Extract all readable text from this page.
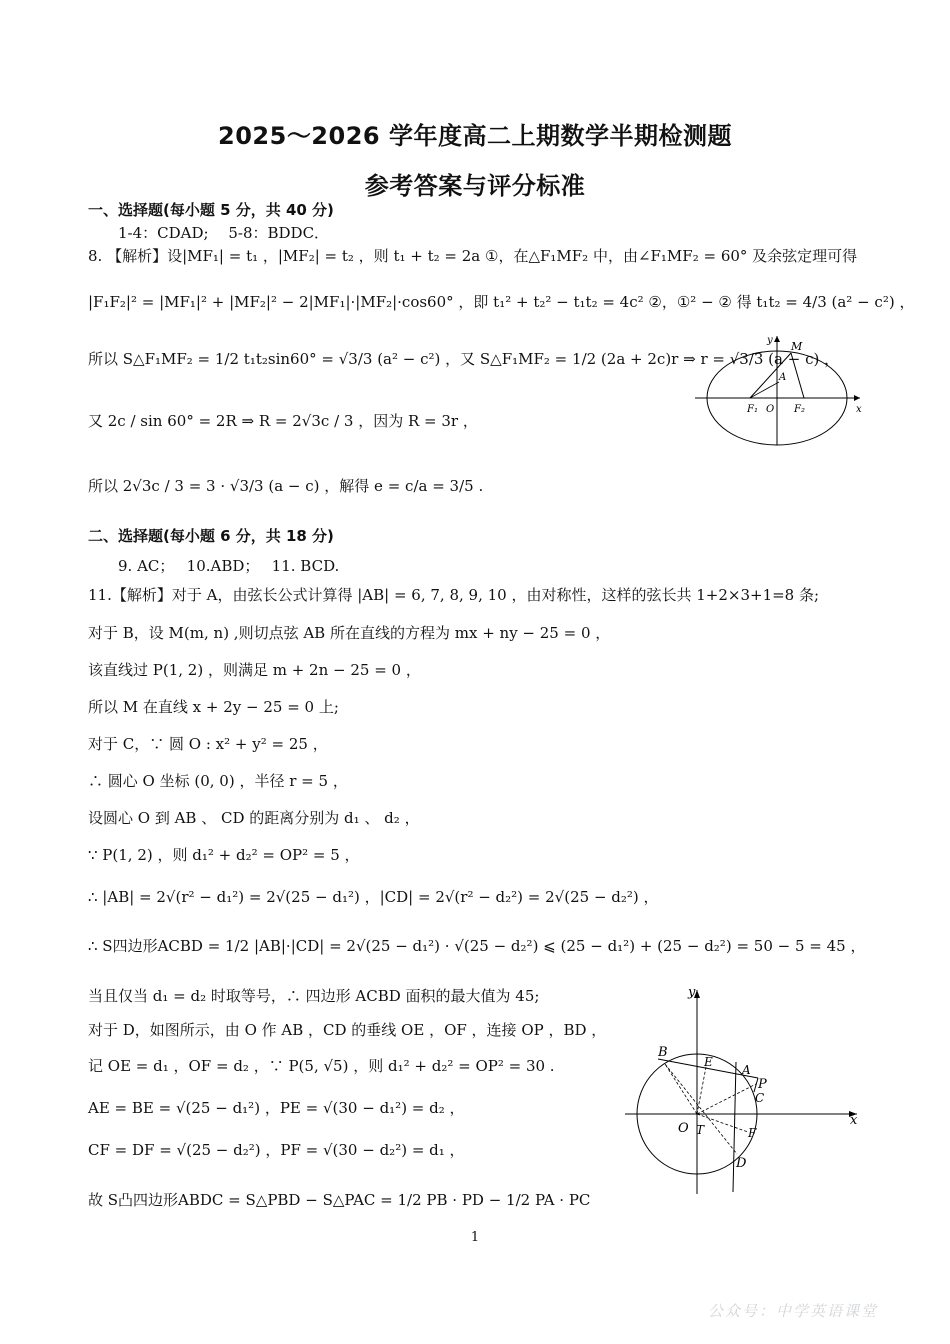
2025～2026 学年度高二上期数学半期检测题
参考答案与评分标准
一、选择题(每小题 5 分，共 40 分)
1-4：CDAD;　 5-8：BDDC．
8. 【解析】设|MF₁| = t₁ ，|MF₂| = t₂ ，则 t₁ + t₂ = 2a ①，在△F₁MF₂ 中，由∠F₁MF₂ = 60° 及余弦定理可得
|F₁F₂|² = |MF₁|² + |MF₂|² − 2|MF₁|·|MF₂|·cos60° ，即 t₁² + t₂² − t₁t₂ = 4c² ②，①² − ② 得 t₁t₂ = 4/3 (a² − c²) ，
所以 S△F₁MF₂ = 1/2 t₁t₂sin60° = √3/3 (a² − c²) ，又 S△F₁MF₂ = 1/2 (2a + 2c)r ⇒ r = √3/3 (a − c) ，
又 2c / sin 60° = 2R ⇒ R = 2√3c / 3 ，因为 R = 3r ，
所以 2√3c / 3 = 3 · √3/3 (a − c) ，解得 e = c/a = 3/5 .
二、选择题(每小题 6 分，共 18 分)
9. AC；　 10.ABD；　 11. BCD.
11.【解析】对于 A，由弦长公式计算得 |AB| = 6, 7, 8, 9, 10 ，由对称性，这样的弦长共 1+2×3+1=8 条;
对于 B，设 M(m, n) ,则切点弦 AB 所在直线的方程为 mx + ny − 25 = 0 ，
该直线过 P(1, 2) ，则满足 m + 2n − 25 = 0 ，
所以 M 在直线 x + 2y − 25 = 0 上;
对于 C，∵ 圆 O : x² + y² = 25 ，
∴ 圆心 O 坐标 (0, 0) ，半径 r = 5 ，
设圆心 O 到 AB 、 CD 的距离分别为 d₁ 、 d₂ ，
∵ P(1, 2) ，则 d₁² + d₂² = OP² = 5 ，
∴ |AB| = 2√(r² − d₁²) = 2√(25 − d₁²) ，|CD| = 2√(r² − d₂²) = 2√(25 − d₂²) ，
∴ S四边形ACBD = 1/2 |AB|·|CD| = 2√(25 − d₁²) · √(25 − d₂²) ⩽ (25 − d₁²) + (25 − d₂²) = 50 − 5 = 45 ，
当且仅当 d₁ = d₂ 时取等号，∴ 四边形 ACBD 面积的最大值为 45;
对于 D，如图所示，由 O 作 AB ，CD 的垂线 OE ，OF ，连接 OP ，BD ，
记 OE = d₁ ，OF = d₂ ，∵ P(5, √5) ，则 d₁² + d₂² = OP² = 30 .
AE = BE = √(25 − d₁²) ，PE = √(30 − d₁²) = d₂ ，
CF = DF = √(25 − d₂²) ，PF = √(30 − d₂²) = d₁ ，
故 S凸四边形ABDC = S△PBD − S△PAC = 1/2 PB · PD − 1/2 PA · PC
y M
A
F₁ O F₂	x
y
B
E
A
P
C
x
O T	F
D
1
公众号：中学英语课堂
